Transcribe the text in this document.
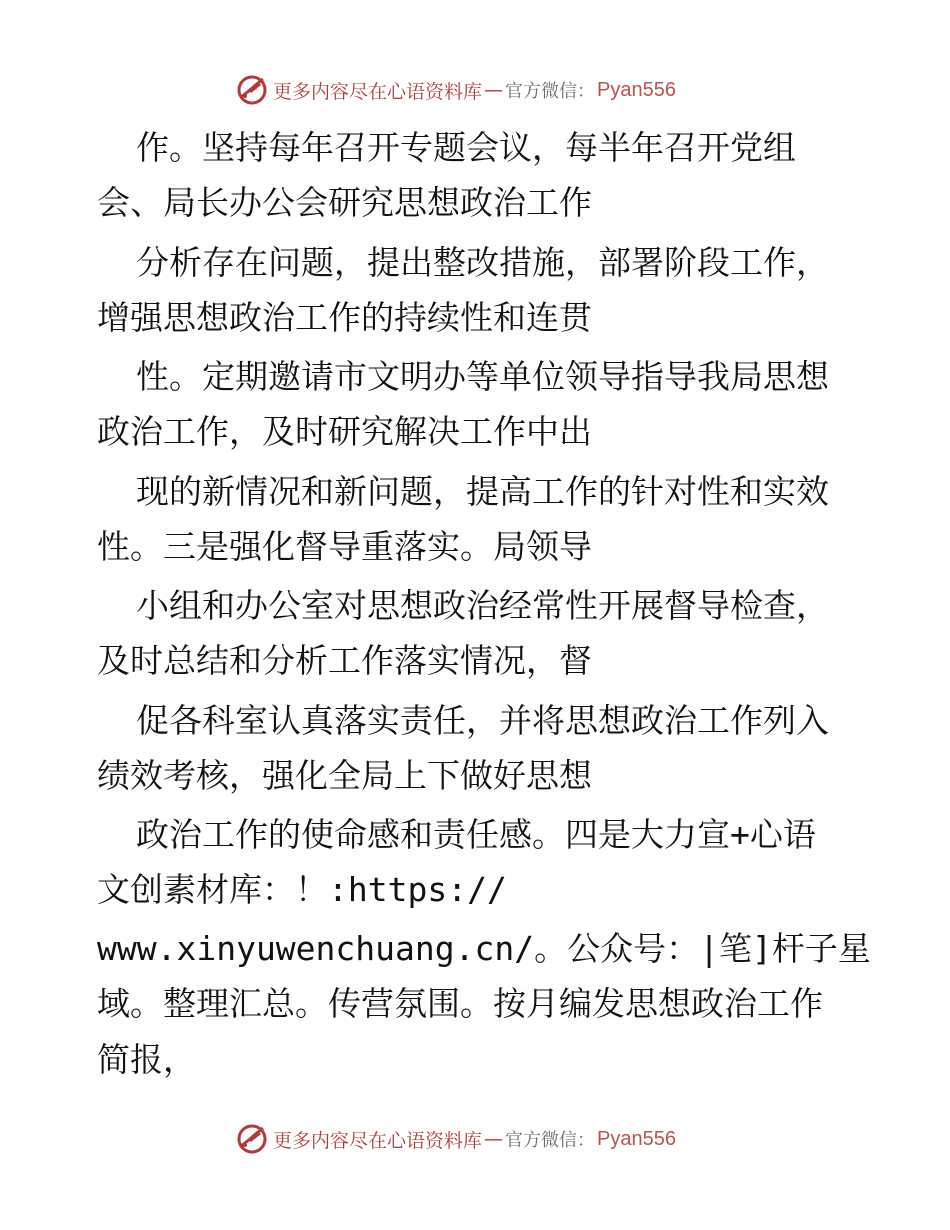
更多内容尽在心语资料库 — 官方微信： Pyan556
作。坚持每年召开专题会议，每半年召开党组
会、局长办公会研究思想政治工作
分析存在问题，提出整改措施，部署阶段工作，
增强思想政治工作的持续性和连贯
性。定期邀请市文明办等单位领导指导我局思想
政治工作，及时研究解决工作中出
现的新情况和新问题，提高工作的针对性和实效
性。三是强化督导重落实。局领导
小组和办公室对思想政治经常性开展督导检查，
及时总结和分析工作落实情况，督
促各科室认真落实责任，并将思想政治工作列入
绩效考核，强化全局上下做好思想
政治工作的使命感和责任感。四是大力宣+心语
文创素材库：！:https://
www.xinyuwenchuang.cn/。公众号：|笔]杆子星
域。整理汇总。传营氛围。按月编发思想政治工作
简报，
更多内容尽在心语资料库 — 官方微信： Pyan556
